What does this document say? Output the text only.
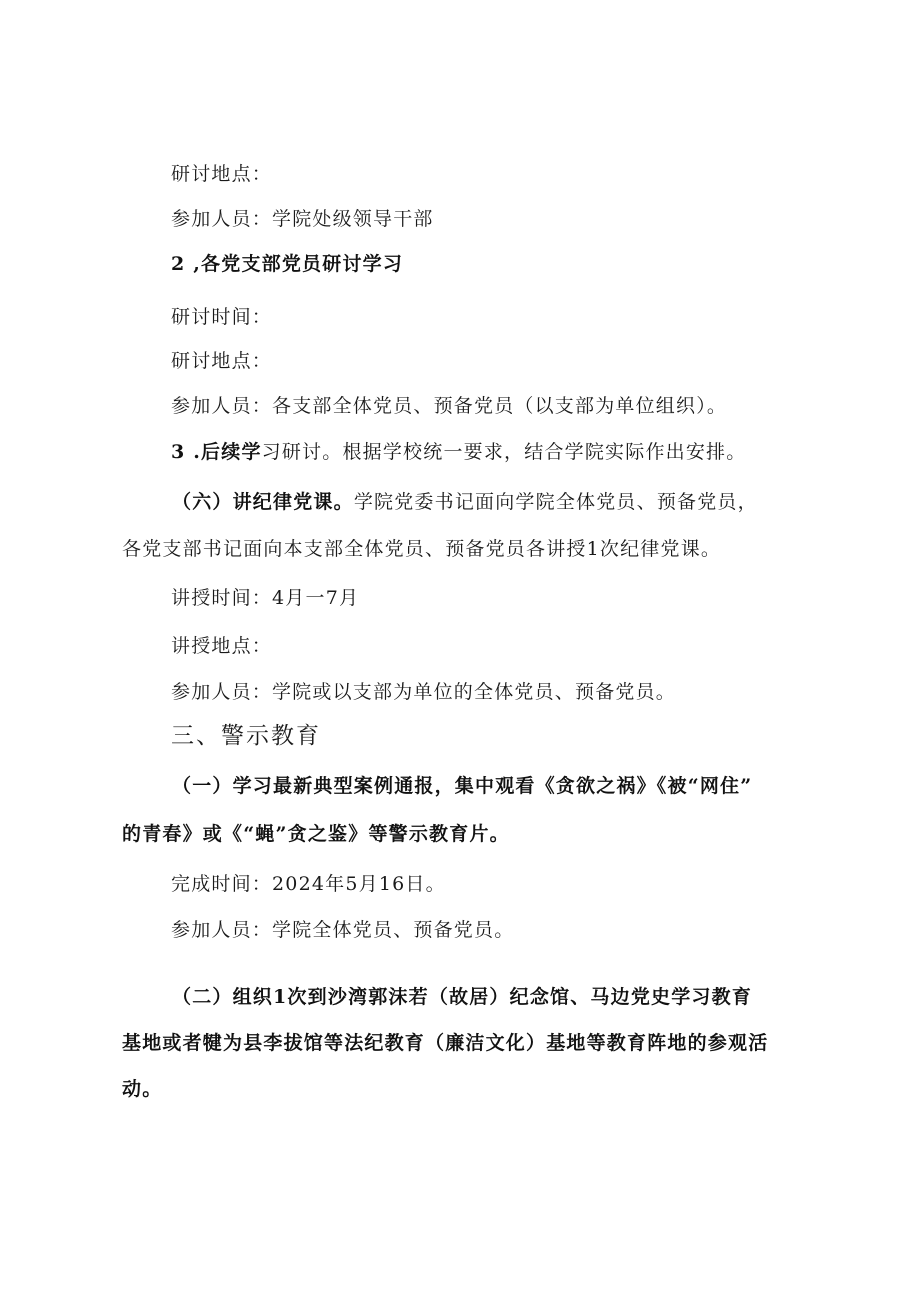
研讨地点：
参加人员：学院处级领导干部
2 ,各党支部党员研讨学习
研讨时间：
研讨地点：
参加人员：各支部全体党员、预备党员（以支部为单位组织）。
3 .后续学习研讨。根据学校统一要求，结合学院实际作出安排。
（六）讲纪律党课。学院党委书记面向学院全体党员、预备党员，
各党支部书记面向本支部全体党员、预备党员各讲授1次纪律党课。
讲授时间：4月一7月
讲授地点：
参加人员：学院或以支部为单位的全体党员、预备党员。
三、警示教育
（一）学习最新典型案例通报，集中观看《贪欲之祸》《被“网住”
的青春》或《“蝇”贪之鉴》等警示教育片。
完成时间：2024年5月16日。
参加人员：学院全体党员、预备党员。
（二）组织1次到沙湾郭沫若（故居）纪念馆、马边党史学习教育
基地或者犍为县李拔馆等法纪教育（廉洁文化）基地等教育阵地的参观活
动。
